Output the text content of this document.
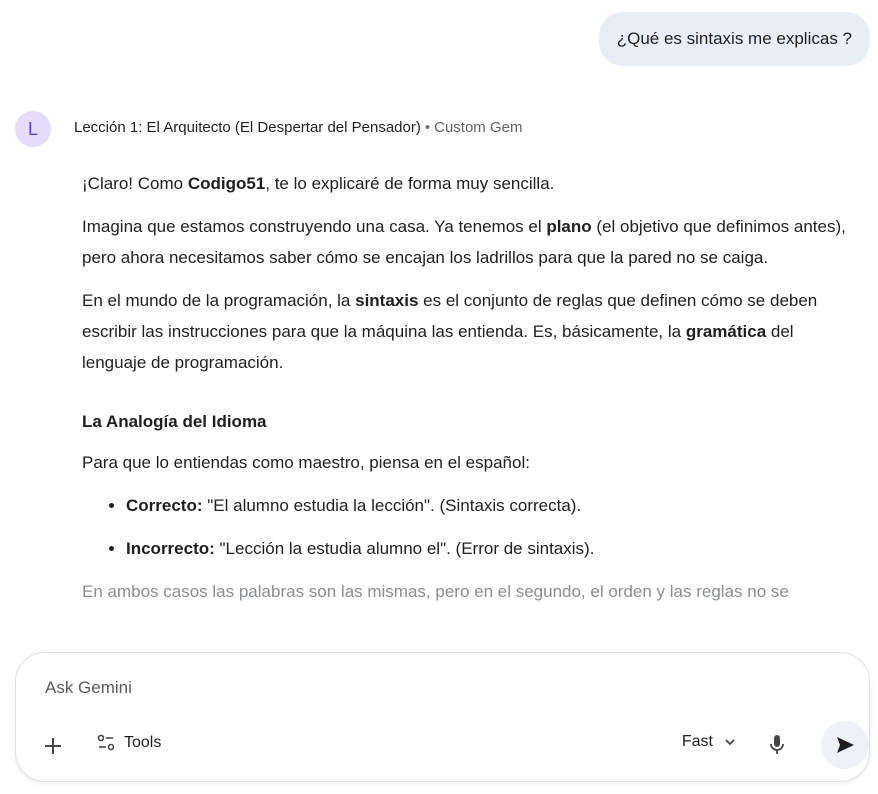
¿Qué es sintaxis me explicas ?
L Lección 1: El Arquitecto (El Despertar del Pensador) • Custom Gem

¡Claro! Como Codigo51, te lo explicaré de forma muy sencilla.

Imagina que estamos construyendo una casa. Ya tenemos el plano (el objetivo que definimos antes), pero ahora necesitamos saber cómo se encajan los ladrillos para que la pared no se caiga.

En el mundo de la programación, la sintaxis es el conjunto de reglas que definen cómo se deben escribir las instrucciones para que la máquina las entienda. Es, básicamente, la gramática del lenguaje de programación.

La Analogía del Idioma

Para que lo entiendas como maestro, piensa en el español:

• Correcto: "El alumno estudia la lección". (Sintaxis correcta).
• Incorrecto: "Lección la estudia alumno el". (Error de sintaxis).

En ambos casos las palabras son las mismas, pero en el segundo, el orden y las reglas no se

Ask Gemini
Tools	Fast
